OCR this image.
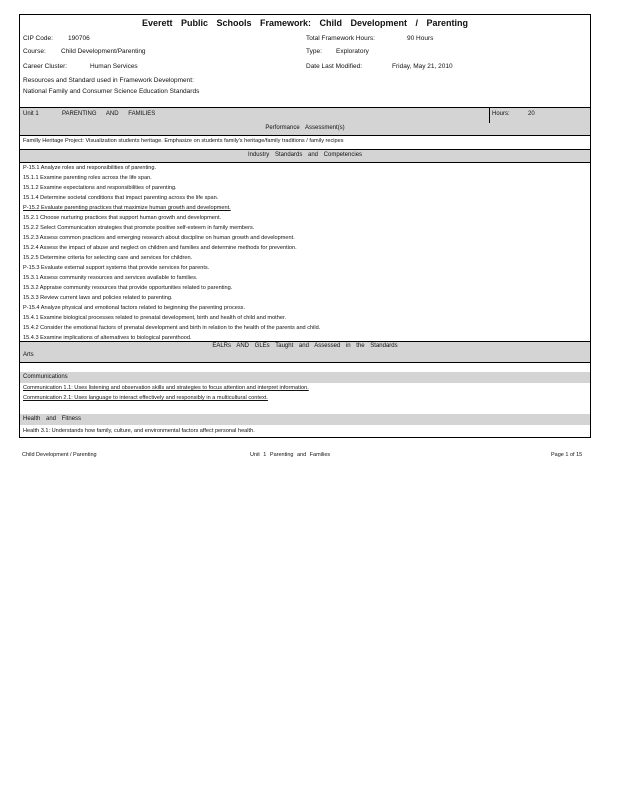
Everett Public Schools Framework: Child Development / Parenting
CIP Code: 190706
Course: Child Development/Parenting
Career Cluster:	Human Services
Resources and Standard used in Framework Development:
National Family and Consumer Science Education Standards
Total Framework Hours:	90 Hours
Type: Exploratory
Date Last Modified:	Friday, May 21, 2010
Unit 1	PARENTING AND FAMILIES	Hours:	20
Performance Assessment(s)
Familly Heritage Project: Visualization students heritage. Emphasize on students family's heritage/family traditions / family recipes
Industry Standards and Competencies
P-15.1 Analyze roles and responsibilities of parenting.
15.1.1 Examine parenting roles across the life span.
15.1.2 Examine expectations and responsibilities of parenting.
15.1.4 Determine societal conditions that impact parenting across the life span.
P-15.2 Evaluate parenting practices that maximize human growth and development.
15.2.1 Choose nurturing practices that support human growth and development.
15.2.2 Select Communication strategies that promote positive self-esteem in family members.
15.2.3 Assess common practices and emerging research about discipline on human growth and development.
15.2.4 Assess the impact of abuse and neglect on children and families and determine methods for prevention.
15.2.5 Determine criteria for selecting care and services for children.
P-15.3 Evaluate external support systems that provide services for parents.
15.3.1 Assess community resources and services available to families.
15.3.2 Appraise community resources that provide opportunities related to parenting.
15.3.3 Review current laws and policies related to parenting.
P-15.4 Analyze physical and emotional factors related to beginning the parenting process.
15.4.1 Examine biological processes related to prenatal development, birth and health of child and mother.
15.4.2 Consider the emotional factors of prenatal development and birth in relation to the health of the parents and child.
15.4.3 Examine implications of alternatives to biological parenthood.
EALRs AND GLEs Taught and Assessed in the Standards
Arts
Communications
Communication 1.1: Uses listening and observation skills and strategies to focus attention and interpret information.
Communication 2.1: Uses language to interact effectively and responsibly in a multicultural context.
Health and Fitness
Health 3.1: Understands how family, culture, and environmental factors affect personal health.
Child Development / Parenting	Unit 1 Parenting and Families	Page 1 of 15
